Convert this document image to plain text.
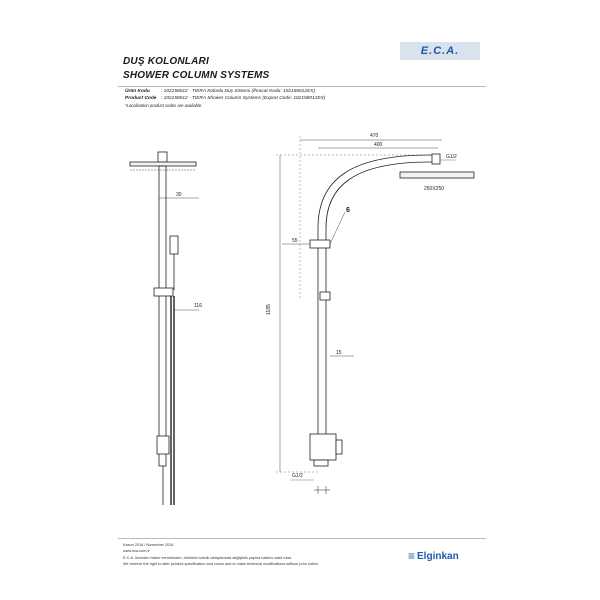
DUŞ KOLONLARI
SHOWER COLUMN SYSTEMS
E.C.A.
Ürün Kodu : 102158012 - TIERA Kolonlu Duş Sistemi (İhracat Kodu: 102158012EX)
Product Code : 102158012 - TIERA Shower Column Systems (Export Code: 102158012EX)
*Localisation product codes are available.
30
116
470
400
G1/2
250X250
6
55
1185
15
G1/2
Kasım 2016 / November 2016
www.eca.com.tr
E.C.A. önceden haber vermeksizin, ürünlerin teknik detaylarında değişiklik yapma hakkını saklı tutar.
We reserve the right to alter product specification and colors and to make technical modifications without prior notice.
≡ Elginkan
